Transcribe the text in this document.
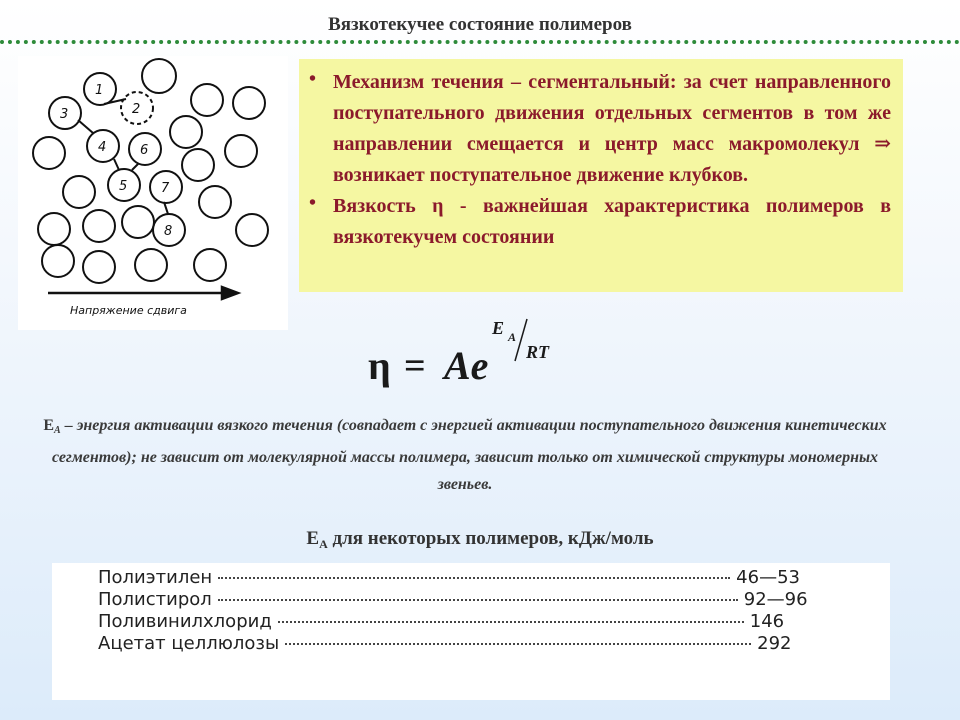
Вязкотекучее состояние полимеров
1
2
3
4
5
6
7
8
Напряжение сдвига
• Механизм течения – сегментальный: за счет направленного поступательного движения отдельных сегментов в том же направлении смещается и центр масс макромолекул ⇒ возникает поступательное движение клубков.
• Вязкость η - важнейшая характеристика полимеров в вязкотекучем состоянии
η = Ae
E A
RT
$E_A$ – энергия активации вязкого течения (совпадает с энергией активации поступательного движения кинетических сегментов); не зависит от молекулярной массы полимера, зависит только от химической структуры мономерных звеньев.
$E_A$ для некоторых полимеров, кДж/моль
Полиэтилен	46—53
Полистирол	92—96
Поливинилхлорид	146
Ацетат целлюлозы	292
